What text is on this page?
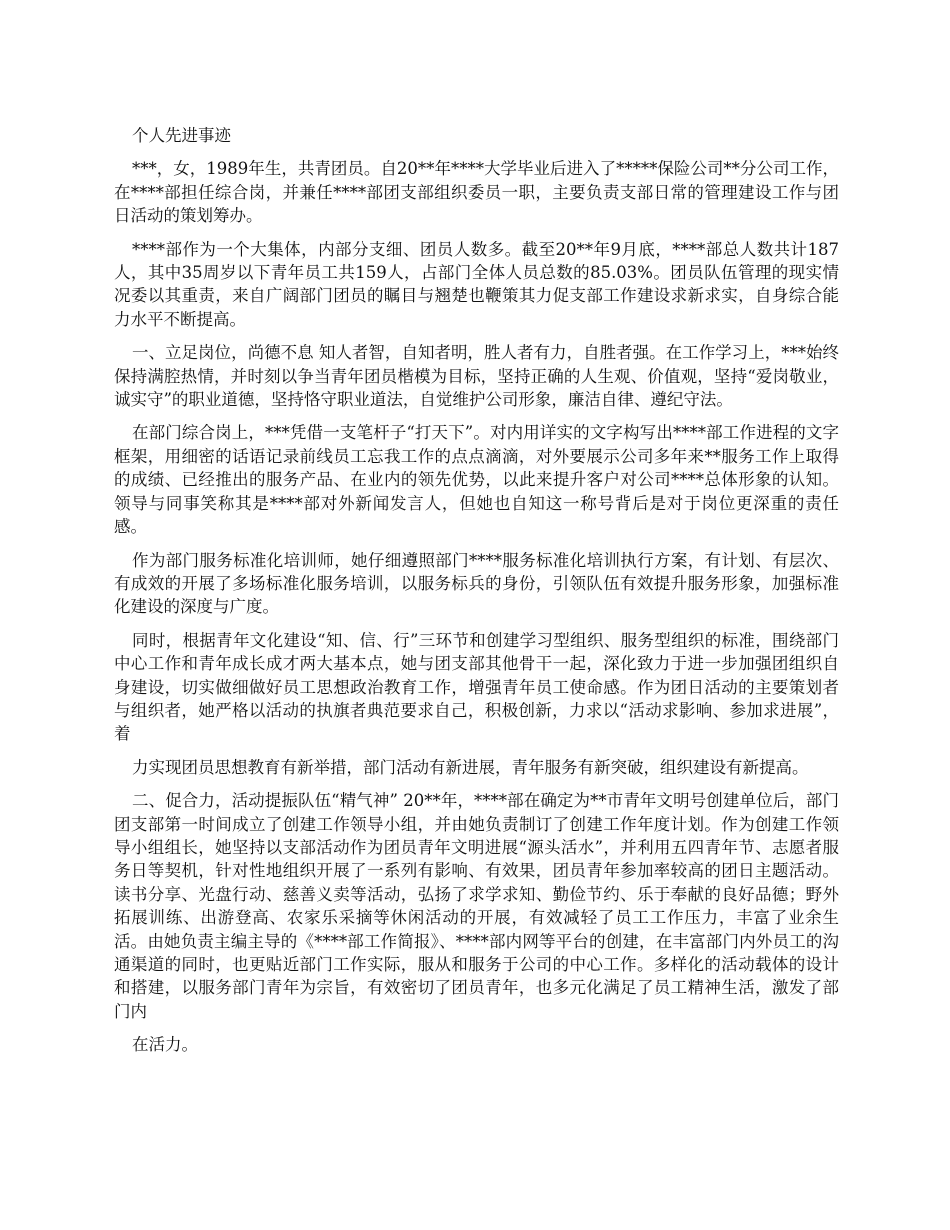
个人先进事迹

***，女，1989年生，共青团员。自20**年****大学毕业后进入了*****保险公司**分公司工作，在****部担任综合岗，并兼任****部团支部组织委员一职，主要负责支部日常的管理建设工作与团日活动的策划筹办。

****部作为一个大集体，内部分支细、团员人数多。截至20**年9月底，****部总人数共计187人，其中35周岁以下青年员工共159人，占部门全体人员总数的85.03%。团员队伍管理的现实情况委以其重责，来自广阔部门团员的瞩目与翘楚也鞭策其力促支部工作建设求新求实，自身综合能力水平不断提高。

一、立足岗位，尚德不息 知人者智，自知者明，胜人者有力，自胜者强。在工作学习上，***始终保持满腔热情，并时刻以争当青年团员楷模为目标，坚持正确的人生观、价值观，坚持“爱岗敬业，诚实守”的职业道德，坚持恪守职业道法，自觉维护公司形象，廉洁自律、遵纪守法。

在部门综合岗上，***凭借一支笔杆子“打天下”。对内用详实的文字构写出****部工作进程的文字框架，用细密的话语记录前线员工忘我工作的点点滴滴，对外要展示公司多年来**服务工作上取得的成绩、已经推出的服务产品、在业内的领先优势，以此来提升客户对公司****总体形象的认知。领导与同事笑称其是****部对外新闻发言人，但她也自知这一称号背后是对于岗位更深重的责任感。

作为部门服务标准化培训师，她仔细遵照部门****服务标准化培训执行方案，有计划、有层次、有成效的开展了多场标准化服务培训，以服务标兵的身份，引领队伍有效提升服务形象，加强标准化建设的深度与广度。

同时，根据青年文化建设“知、信、行”三环节和创建学习型组织、服务型组织的标准，围绕部门中心工作和青年成长成才两大基本点，她与团支部其他骨干一起，深化致力于进一步加强团组织自身建设，切实做细做好员工思想政治教育工作，增强青年员工使命感。作为团日活动的主要策划者与组织者，她严格以活动的执旗者典范要求自己，积极创新，力求以“活动求影响、参加求进展”，着

力实现团员思想教育有新举措，部门活动有新进展，青年服务有新突破，组织建设有新提高。

二、促合力，活动提振队伍“精气神” 20**年，****部在确定为**市青年文明号创建单位后，部门团支部第一时间成立了创建工作领导小组，并由她负责制订了创建工作年度计划。作为创建工作领导小组组长，她坚持以支部活动作为团员青年文明进展“源头活水”，并利用五四青年节、志愿者服务日等契机，针对性地组织开展了一系列有影响、有效果，团员青年参加率较高的团日主题活动。读书分享、光盘行动、慈善义卖等活动，弘扬了求学求知、勤俭节约、乐于奉献的良好品德；野外拓展训练、出游登高、农家乐采摘等休闲活动的开展，有效减轻了员工工作压力，丰富了业余生活。由她负责主编主导的《****部工作简报》、****部内网等平台的创建，在丰富部门内外员工的沟通渠道的同时，也更贴近部门工作实际，服从和服务于公司的中心工作。多样化的活动载体的设计和搭建，以服务部门青年为宗旨，有效密切了团员青年，也多元化满足了员工精神生活，激发了部门内

在活力。
